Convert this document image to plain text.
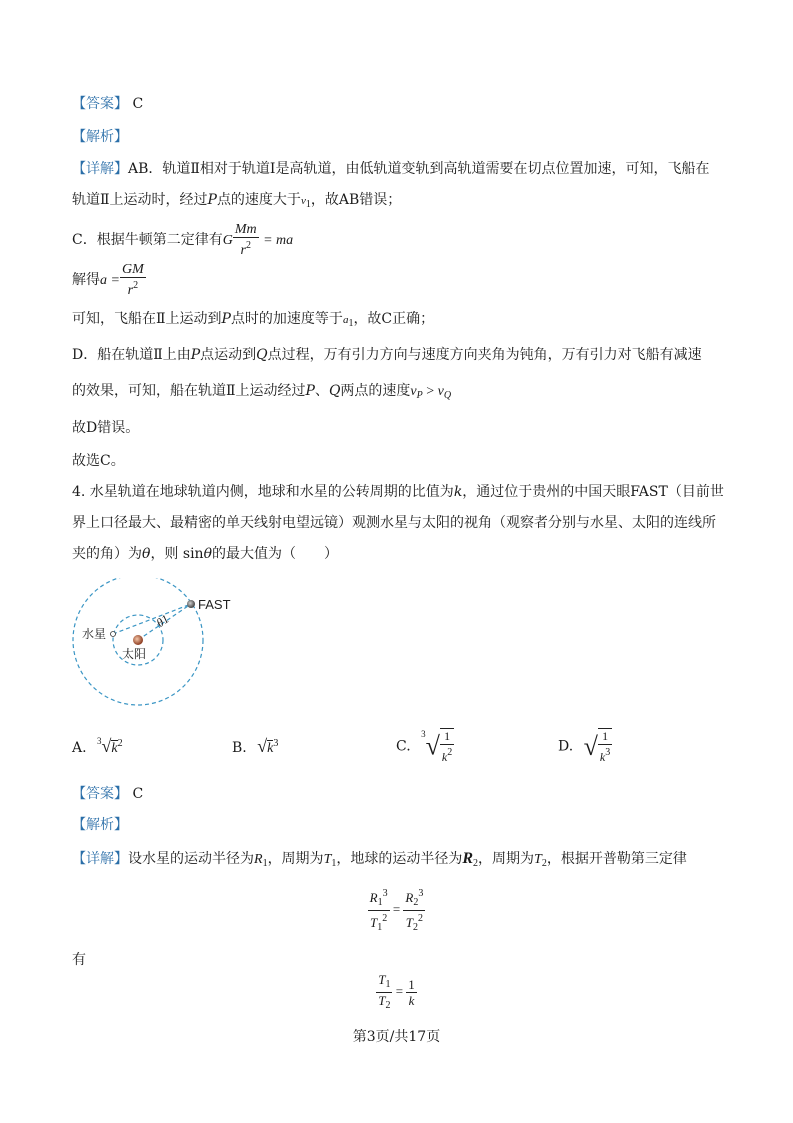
【答案】 C
【解析】
【详解】AB．轨道Ⅱ相对于轨道Ⅰ是高轨道，由低轨道变轨到高轨道需要在切点位置加速，可知，飞船在
轨道Ⅱ上运动时，经过P点的速度大于$v_1$，故AB错误；
C．根据牛顿第二定律有G $\frac{Mm}{r^2}$ = ma
解得$a = \frac{GM}{r^2}$
可知，飞船在Ⅱ上运动到P点时的加速度等于$a_1$，故C正确；
D．船在轨道Ⅱ上由P点运动到Q点过程，万有引力方向与速度方向夹角为钝角，万有引力对飞船有减速
的效果，可知，船在轨道Ⅱ上运动经过P、Q两点的速度$v_P > v_Q$
故D错误。
故选C。
4. 水星轨道在地球轨道内侧，地球和水星的公转周期的比值为k，通过位于贵州的中国天眼FAST（目前世
界上口径最大、最精密的单天线射电望远镜）观测水星与太阳的视角（观察者分别与水星、太阳的连线所
夹的角）为θ，则 sinθ的最大值为（　　）
FAST
水星
太阳
θ1
A. $^3√k^2$	B. $√k^3$	C. $^3√ \frac{1}{k^2}$	D. √ $\frac{1}{k^3}$
【答案】 C
【解析】
【详解】设水星的运动半径为$R_1$，周期为$T_1$，地球的运动半径为$R_2$，周期为$T_2$，根据开普勒第三定律
$\frac{R_1^3}{T_1^2} = \frac{R_2^3}{T_2^2}$
有
$\frac{T_1}{T_2} = \frac{1}{k}$
第3页/共17页
